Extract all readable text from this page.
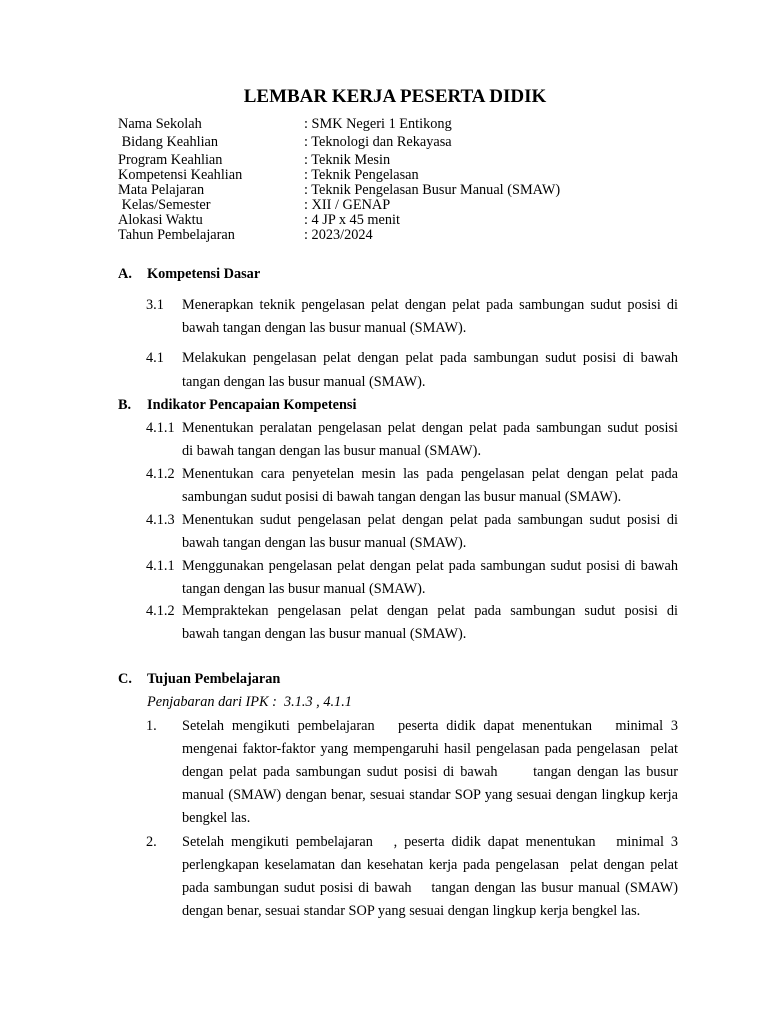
LEMBAR KERJA PESERTA DIDIK
Nama Sekolah	: SMK Negeri 1 Entikong
Bidang Keahlian	: Teknologi dan Rekayasa
Program Keahlian	: Teknik Mesin
Kompetensi Keahlian	: Teknik Pengelasan
Mata Pelajaran	: Teknik Pengelasan Busur Manual (SMAW)
Kelas/Semester	: XII / GENAP
Alokasi Waktu	: 4 JP x 45 menit
Tahun Pembelajaran	: 2023/2024
A. Kompetensi Dasar
3.1 Menerapkan teknik pengelasan pelat dengan pelat pada sambungan sudut posisi di
bawah tangan dengan las busur manual (SMAW).
4.1 Melakukan pengelasan pelat dengan pelat pada sambungan sudut posisi di bawah
tangan dengan las busur manual (SMAW).
B. Indikator Pencapaian Kompetensi
4.1.1 Menentukan peralatan pengelasan pelat dengan pelat pada sambungan sudut posisi
di bawah tangan dengan las busur manual (SMAW).
4.1.2 Menentukan cara penyetelan mesin las pada pengelasan pelat dengan pelat pada
sambungan sudut posisi di bawah tangan dengan las busur manual (SMAW).
4.1.3 Menentukan sudut pengelasan pelat dengan pelat pada sambungan sudut posisi di
bawah tangan dengan las busur manual (SMAW).
4.1.1 Menggunakan pengelasan pelat dengan pelat pada sambungan sudut posisi di bawah
tangan dengan las busur manual (SMAW).
4.1.2 Mempraktekan pengelasan pelat dengan pelat pada sambungan sudut posisi di
bawah tangan dengan las busur manual (SMAW).
C. Tujuan Pembelajaran
Penjabaran dari IPK :  3.1.3 , 4.1.1
1. Setelah mengikuti pembelajaran   peserta didik dapat menentukan   minimal 3
mengenai faktor-faktor yang mempengaruhi hasil pengelasan pada pengelasan  pelat
dengan pelat pada sambungan sudut posisi di bawah      tangan dengan las busur
manual (SMAW) dengan benar, sesuai standar SOP yang sesuai dengan lingkup kerja
bengkel las.
2. Setelah mengikuti pembelajaran   , peserta didik dapat menentukan   minimal 3
perlengkapan keselamatan dan kesehatan kerja pada pengelasan  pelat dengan pelat
pada sambungan sudut posisi di bawah    tangan dengan las busur manual (SMAW)
dengan benar, sesuai standar SOP yang sesuai dengan lingkup kerja bengkel las.
